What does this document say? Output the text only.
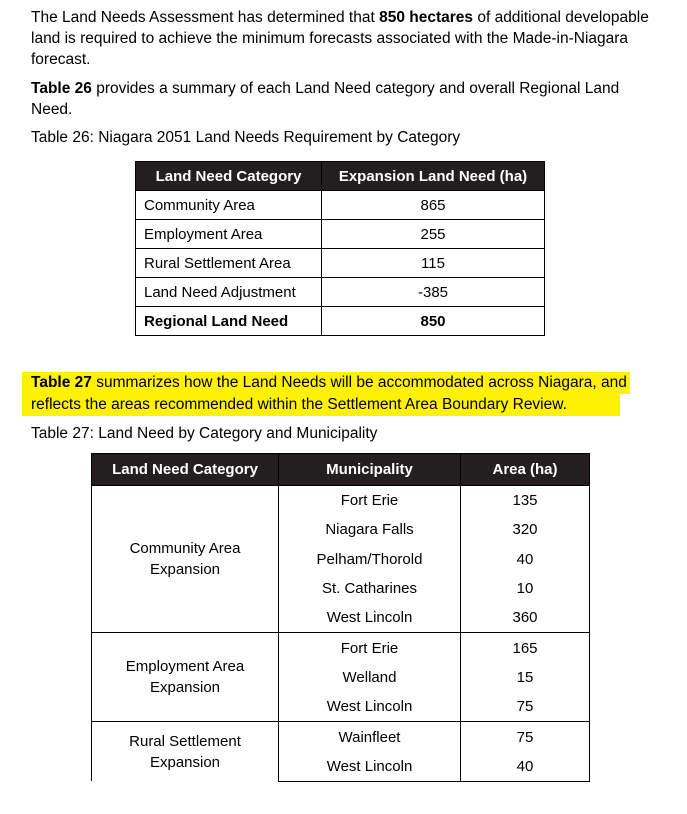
The Land Needs Assessment has determined that 850 hectares of additional developable land is required to achieve the minimum forecasts associated with the Made-in-Niagara forecast.

Table 26 provides a summary of each Land Need category and overall Regional Land Need.

Table 26: Niagara 2051 Land Needs Requirement by Category

Land Need Category	Expansion Land Need (ha)
Community Area	865
Employment Area	255
Rural Settlement Area	115
Land Need Adjustment	-385
Regional Land Need	850
Table 27 summarizes how the Land Needs will be accommodated across Niagara, and
reflects the areas recommended within the Settlement Area Boundary Review.

Table 27: Land Need by Category and Municipality

Land Need Category	Municipality	Area (ha)
Community Area
Expansion	Fort Erie	135
	Niagara Falls	320
	Pelham/Thorold	40
	St. Catharines	10
	West Lincoln	360
Employment Area
Expansion	Fort Erie	165
	Welland	15
	West Lincoln	75
Rural Settlement
Expansion	Wainfleet	75
	West Lincoln	40
